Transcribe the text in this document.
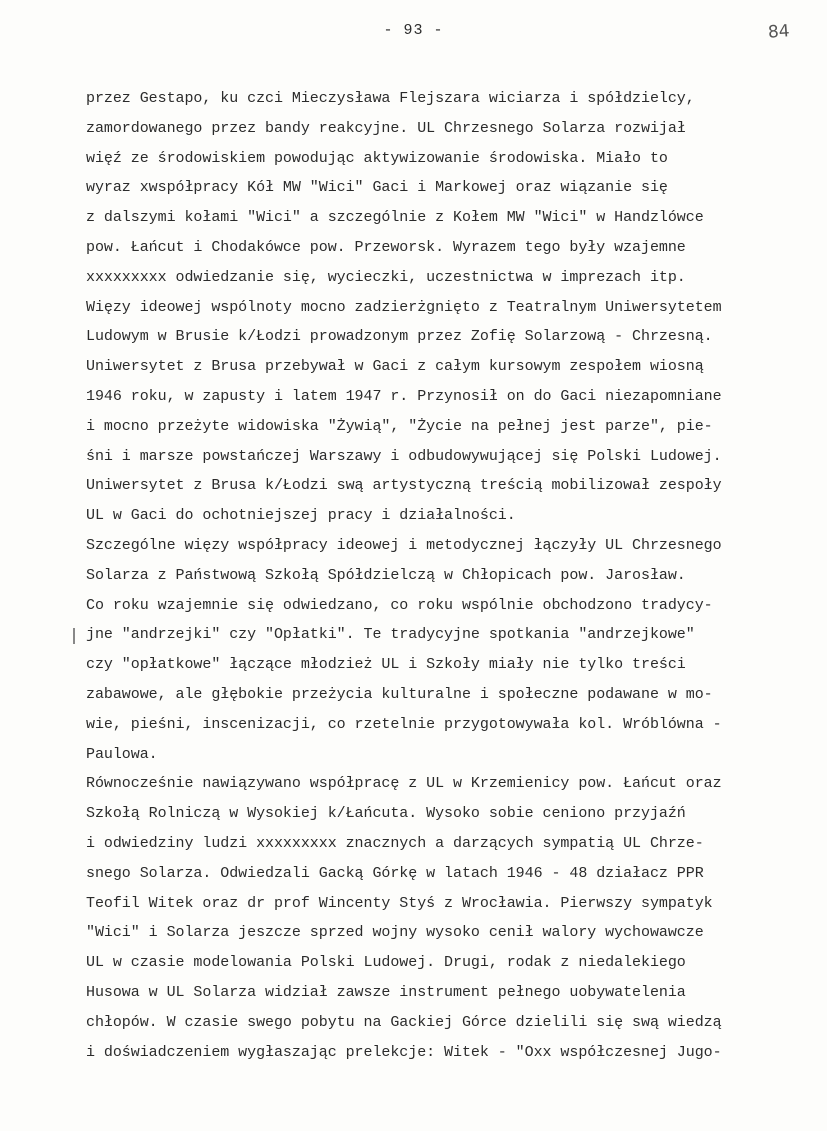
- 93 -	84
przez Gestapo, ku czci Mieczysława Flejszara wiciarza i spółdzielcy,
zamordowanego przez bandy reakcyjne. UL Chrzesnego Solarza rozwijał
więź ze środowiskiem powodując aktywizowanie środowiska. Miało to
wyraz xwspółpracy Kół MW "Wici" Gaci i Markowej oraz wiązanie się
z dalszymi kołami "Wici" a szczególnie z Kołem MW "Wici" w Handzlówce
pow. Łańcut i Chodakówce pow. Przeworsk. Wyrazem tego były wzajemne
xxxxxxxxx odwiedzanie się, wycieczki, uczestnictwa w imprezach itp.
Więzy ideowej wspólnoty mocno zadzierżgnięto z Teatralnym Uniwersytetem
Ludowym w Brusie k/Łodzi prowadzonym przez Zofię Solarzową - Chrzesną.
Uniwersytet z Brusa przebywał w Gaci z całym kursowym zespołem wiosną
1946 roku, w zapusty i latem 1947 r. Przynosił on do Gaci niezapomniane
i mocno przeżyte widowiska "Żywią", "Życie na pełnej jest parze", pie-
śni i marsze powstańczej Warszawy i odbudowywującej się Polski Ludowej.
Uniwersytet z Brusa k/Łodzi swą artystyczną treścią mobilizował zespoły
UL w Gaci do ochotniejszej pracy i działalności.
Szczególne więzy współpracy ideowej i metodycznej łączyły UL Chrzesnego
Solarza z Państwową Szkołą Spółdzielczą w Chłopicach pow. Jarosław.
Co roku wzajemnie się odwiedzano, co roku wspólnie obchodzono tradycy-
jne "andrzejki" czy "Opłatki". Te tradycyjne spotkania "andrzejkowe"
czy "opłatkowe" łączące młodzież UL i Szkoły miały nie tylko treści
zabawowe, ale głębokie przeżycia kulturalne i społeczne podawane w mo-
wie, pieśni, inscenizacji, co rzetelnie przygotowywała kol. Wróblówna -
Paulowa.
Równocześnie nawiązywano współpracę z UL w Krzemienicy pow. Łańcut oraz
Szkołą Rolniczą w Wysokiej k/Łańcuta. Wysoko sobie ceniono przyjaźń
i odwiedziny ludzi xxxxxxxxx znacznych a darzących sympatią UL Chrze-
snego Solarza. Odwiedzali Gacką Górkę w latach 1946 - 48 działacz PPR
Teofil Witek oraz dr prof Wincenty Styś z Wrocławia. Pierwszy sympatyk
"Wici" i Solarza jeszcze sprzed wojny wysoko cenił walory wychowawcze
UL w czasie modelowania Polski Ludowej. Drugi, rodak z niedalekiego
Husowa w UL Solarza widział zawsze instrument pełnego uobywatelenia
chłopów. W czasie swego pobytu na Gackiej Górce dzielili się swą wiedzą
i doświadczeniem wygłaszając prelekcje: Witek - "Oxx współczesnej Jugo-
